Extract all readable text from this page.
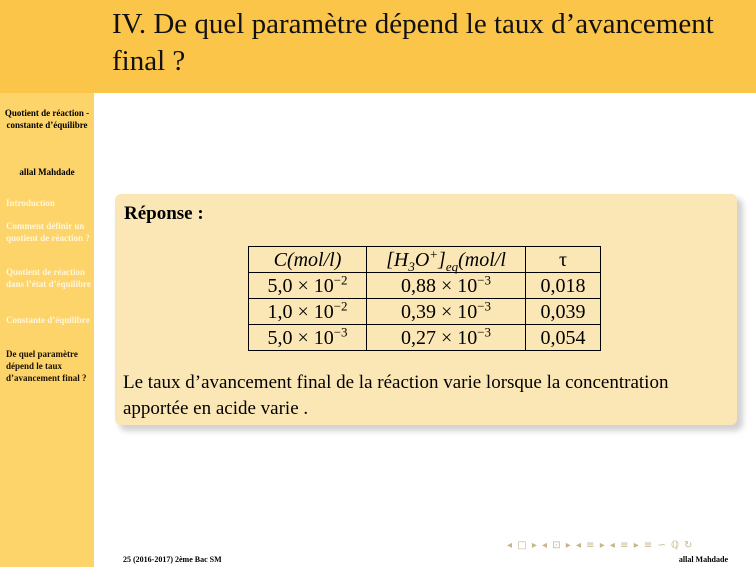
Quotient de réaction - constante d’équilibre
allal Mahdade
Introduction
Comment définir un quotient de réaction ?
Quotient de réaction dans l’état d’équilibre
Constante d’équilibre
De quel paramètre dépend le taux d’avancement final ?
IV. De quel paramètre dépend le taux d’avancement final ?
Réponse :
C(mol/l)	$[H_3O^+]_{eq}(mol/l$	τ
$5,0 \times 10^{-2}$	$0,88 \times 10^{-3}$	0,018
$1,0 \times 10^{-2}$	$0,39 \times 10^{-3}$	0,039
$5,0 \times 10^{-3}$	$0,27 \times 10^{-3}$	0,054
Le taux d’avancement final de la réaction varie lorsque la concentration apportée en acide varie .
◂ □ ▸ ◂ ⊡ ▸ ◂ ≡ ▸ ◂ ≡ ▸ ≡ ∽ ℚ ↻
25 (2016-2017) 2ème Bac SM	allal Mahdade
